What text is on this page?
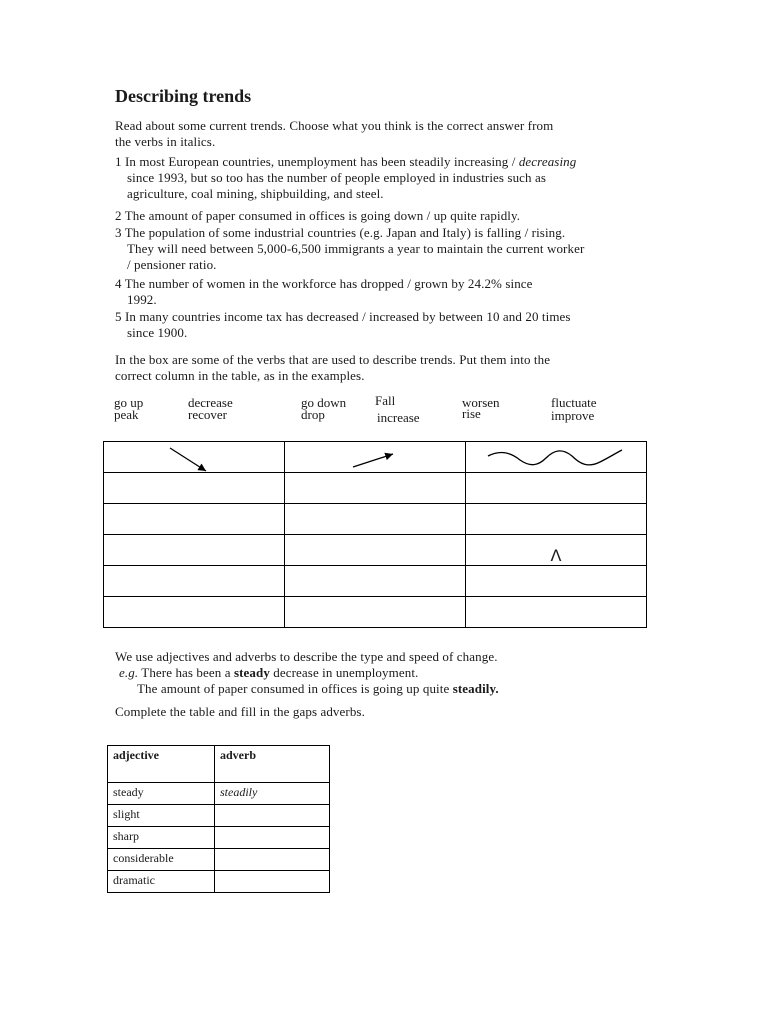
Describing trends
Read about some current trends. Choose what you think is the correct answer from
the verbs in italics.
1 In most European countries, unemployment has been steadily increasing / decreasing
since 1993, but so too has the number of people employed in industries such as
agriculture, coal mining, shipbuilding, and steel.
2 The amount of paper consumed in offices is going down / up quite rapidly.
3 The population of some industrial countries (e.g. Japan and Italy) is falling / rising.
They will need between 5,000-6,500 immigrants a year to maintain the current worker
/ pensioner ratio.
4 The number of women in the workforce has dropped / grown by 24.2% since
1992.
5 In many countries income tax has decreased / increased by between 10 and 20 times
since 1900.
In the box are some of the verbs that are used to describe trends. Put them into the
correct column in the table, as in the examples.
go up
peak
decrease
recover
go down
drop
Fall
increase
worsen
rise
fluctuate
improve

		Λ

We use adjectives and adverbs to describe the type and speed of change.
e.g. There has been a steady decrease in unemployment.
The amount of paper consumed in offices is going up quite steadily.
Complete the table and fill in the gaps adverbs.
adjective	adverb
steady	steadily
slight	
sharp	
considerable	
dramatic	
